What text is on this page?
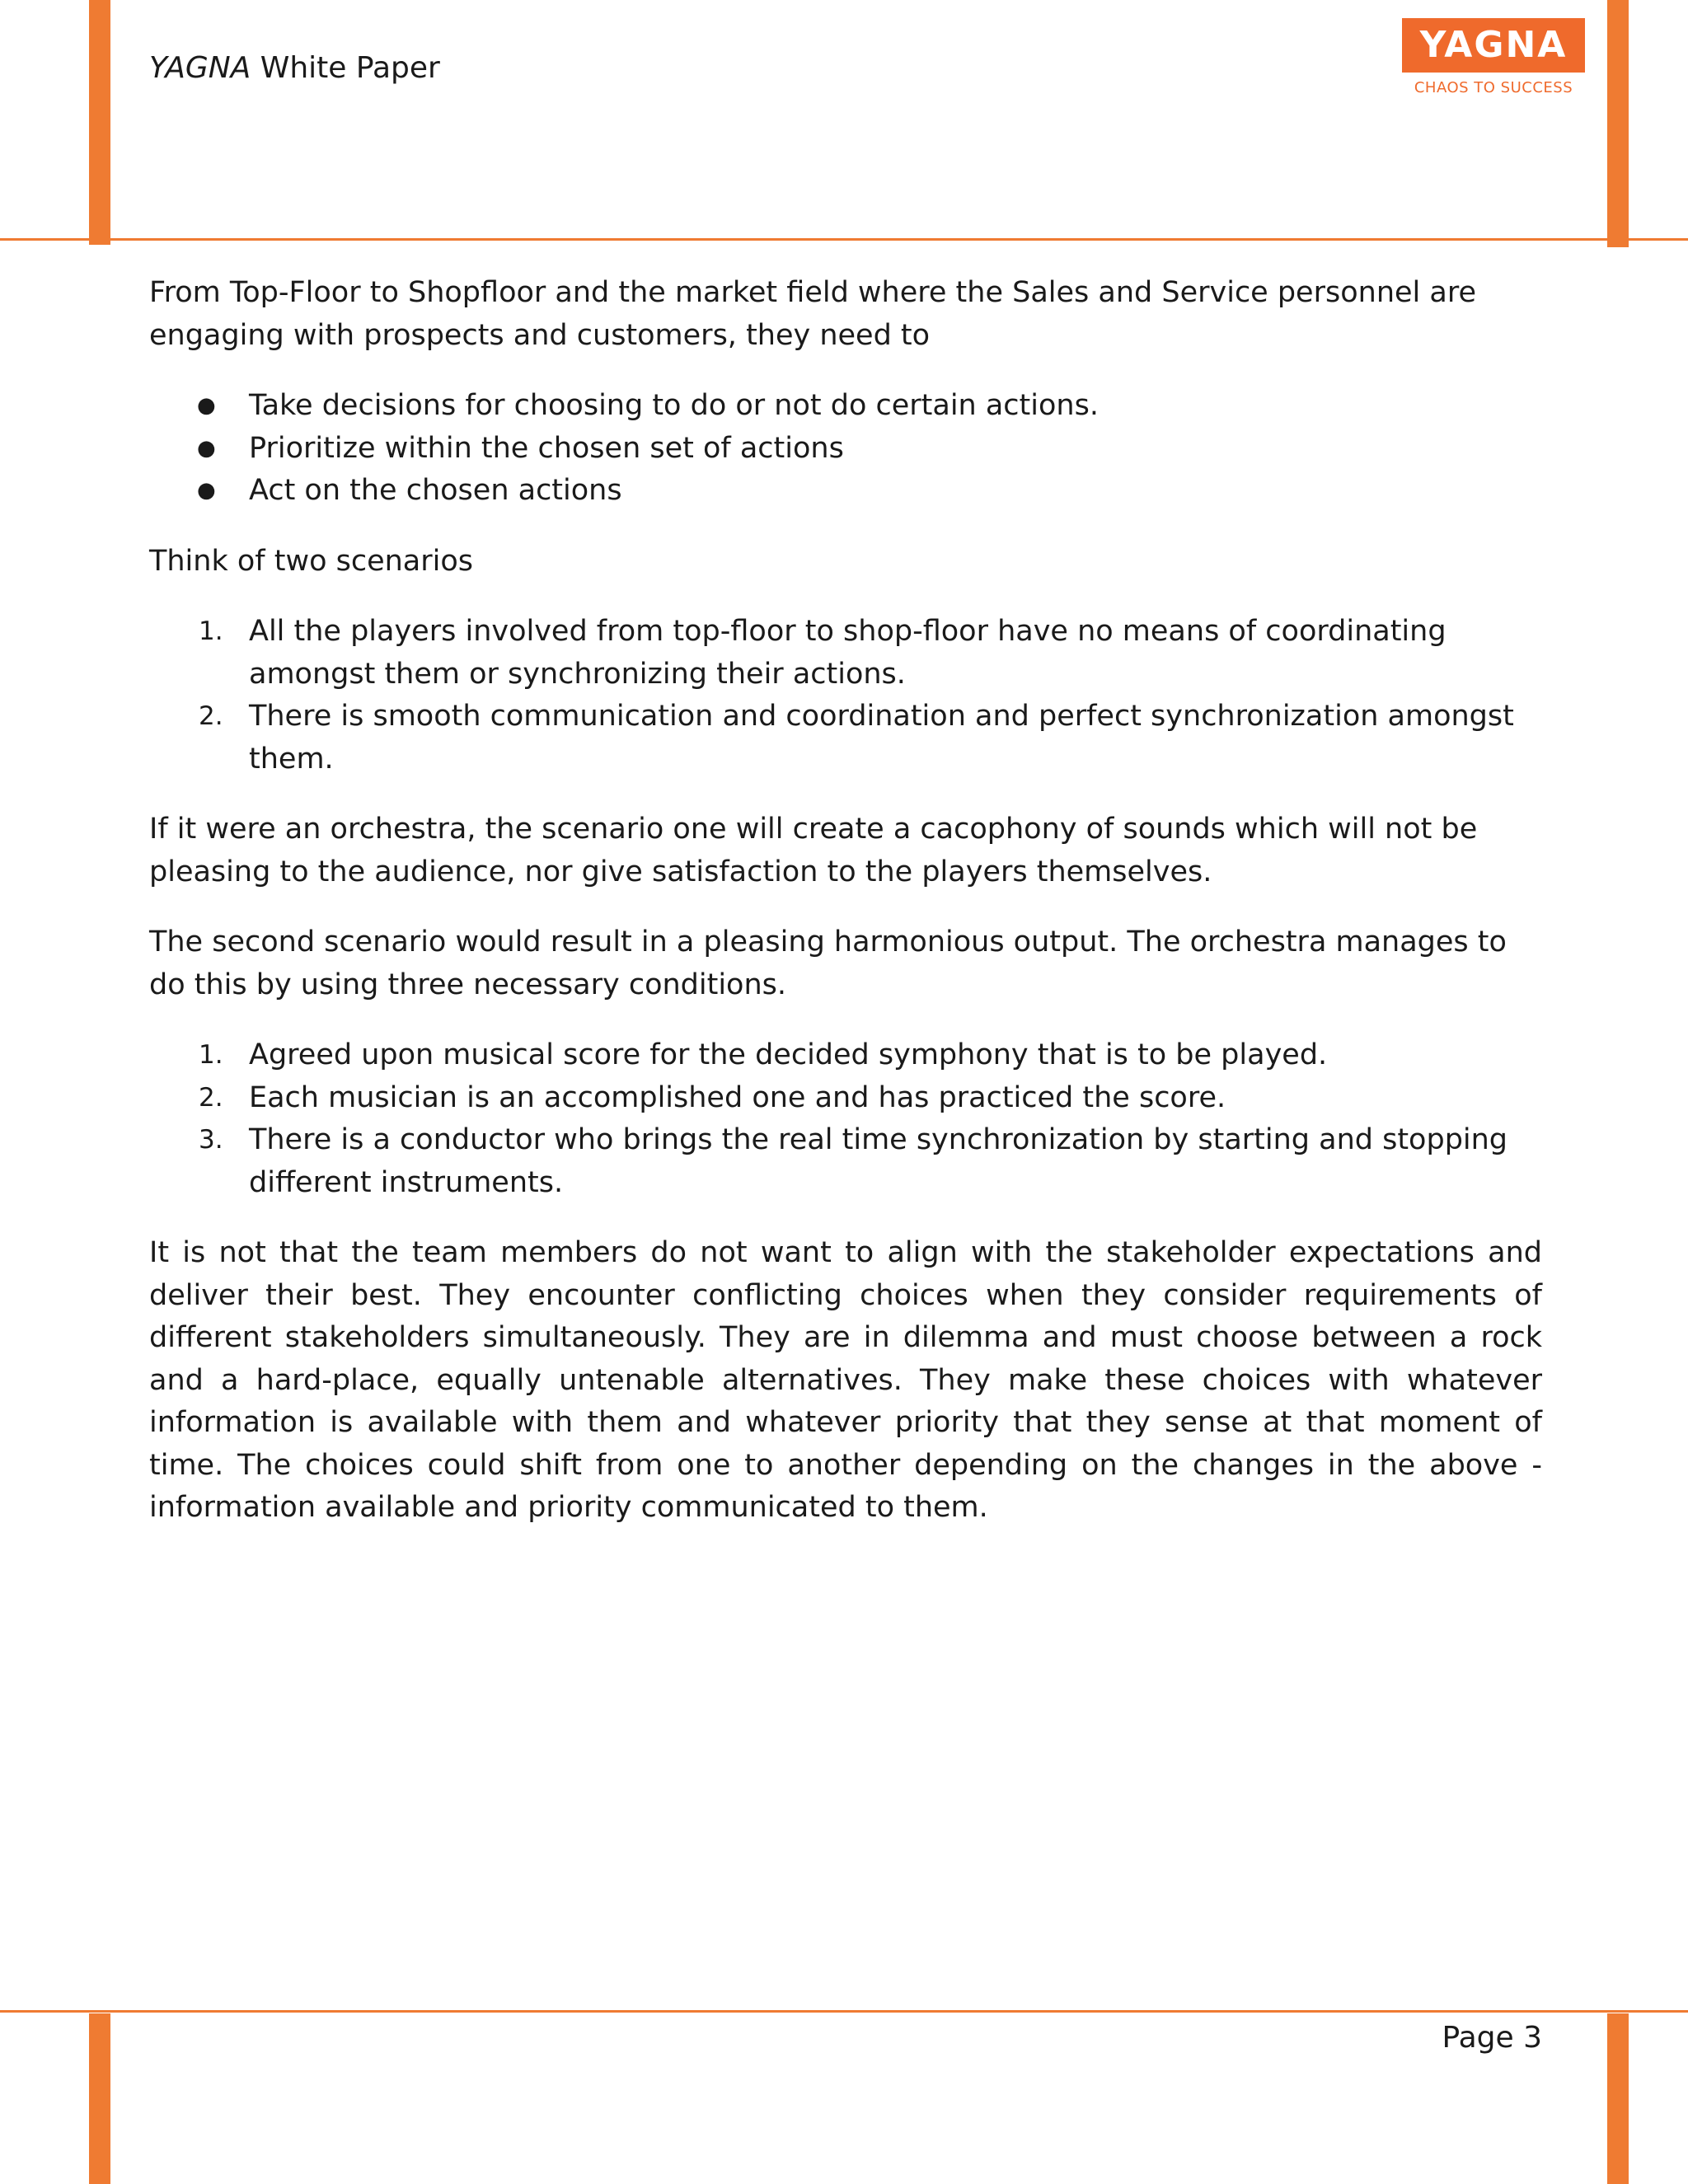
YAGNA White Paper
YAGNA
CHAOS TO SUCCESS

From Top-Floor to Shopfloor and the market field where the Sales and Service personnel are engaging with prospects and customers, they need to

● Take decisions for choosing to do or not do certain actions.
● Prioritize within the chosen set of actions
● Act on the chosen actions

Think of two scenarios

1. All the players involved from top-floor to shop-floor have no means of coordinating amongst them or synchronizing their actions.
2. There is smooth communication and coordination and perfect synchronization amongst them.

If it were an orchestra, the scenario one will create a cacophony of sounds which will not be pleasing to the audience, nor give satisfaction to the players themselves.

The second scenario would result in a pleasing harmonious output. The orchestra manages to do this by using three necessary conditions.

1. Agreed upon musical score for the decided symphony that is to be played.
2. Each musician is an accomplished one and has practiced the score.
3. There is a conductor who brings the real time synchronization by starting and stopping different instruments.

It is not that the team members do not want to align with the stakeholder expectations and deliver their best. They encounter conflicting choices when they consider requirements of different stakeholders simultaneously. They are in dilemma and must choose between a rock and a hard-place, equally untenable alternatives. They make these choices with whatever information is available with them and whatever priority that they sense at that moment of time. The choices could shift from one to another depending on the changes in the above - information available and priority communicated to them.

Page 3
